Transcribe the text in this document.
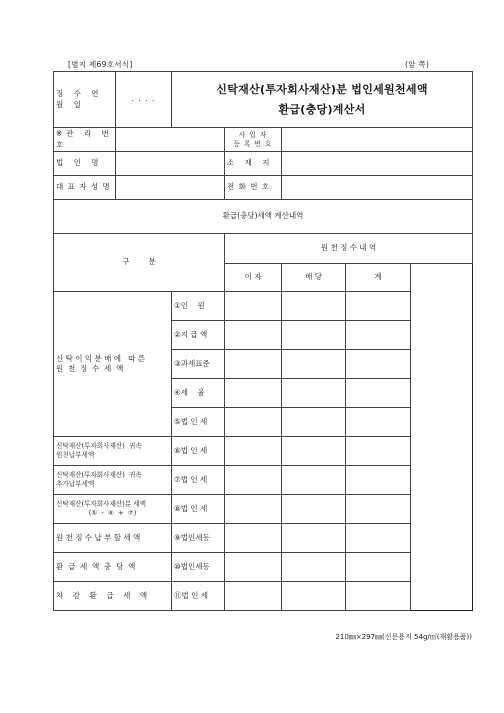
[별지 제69호서식]	(앞 쪽)
징 수 연 월 일	. . . .	신탁재산(투자회사재산)분 법인세원천세액
환급(충당)계산서			

※관 리 번 호			사 업 자
등 록 번 호		

법 인 명			소 재 지		
대 표 자 성 명			전 화 번 호		
환급(충당)세액 계산내역					
구        분			원 천 징 수 내 역		
			이 자	배 당	계

신 탁 이 익 분 배 에   따 른
원  천  징  수  세  액		①인    원			
		②지 급 액			
		③과세표준			
		④세    율			
		⑤법 인 세			

신탁재산(투자회사재산)  귀속
원천납부세액		⑥법 인 세			

신탁재산(투자회사재산)  귀속
추가납부세액		⑦법 인 세			

신탁재산(투자회사재산)분 세액
(⑤  -  ⑥  +  ⑦)		⑧법 인 세			
원 천 징 수 납 부 할 세 액		⑨법인세등			
환  급  세  액  충  당  액		⑩법인세등			
차    감    환    급    세    액		⑪법 인 세			
210㎜×297㎜(신문용지 54g/㎡(재활용품))
